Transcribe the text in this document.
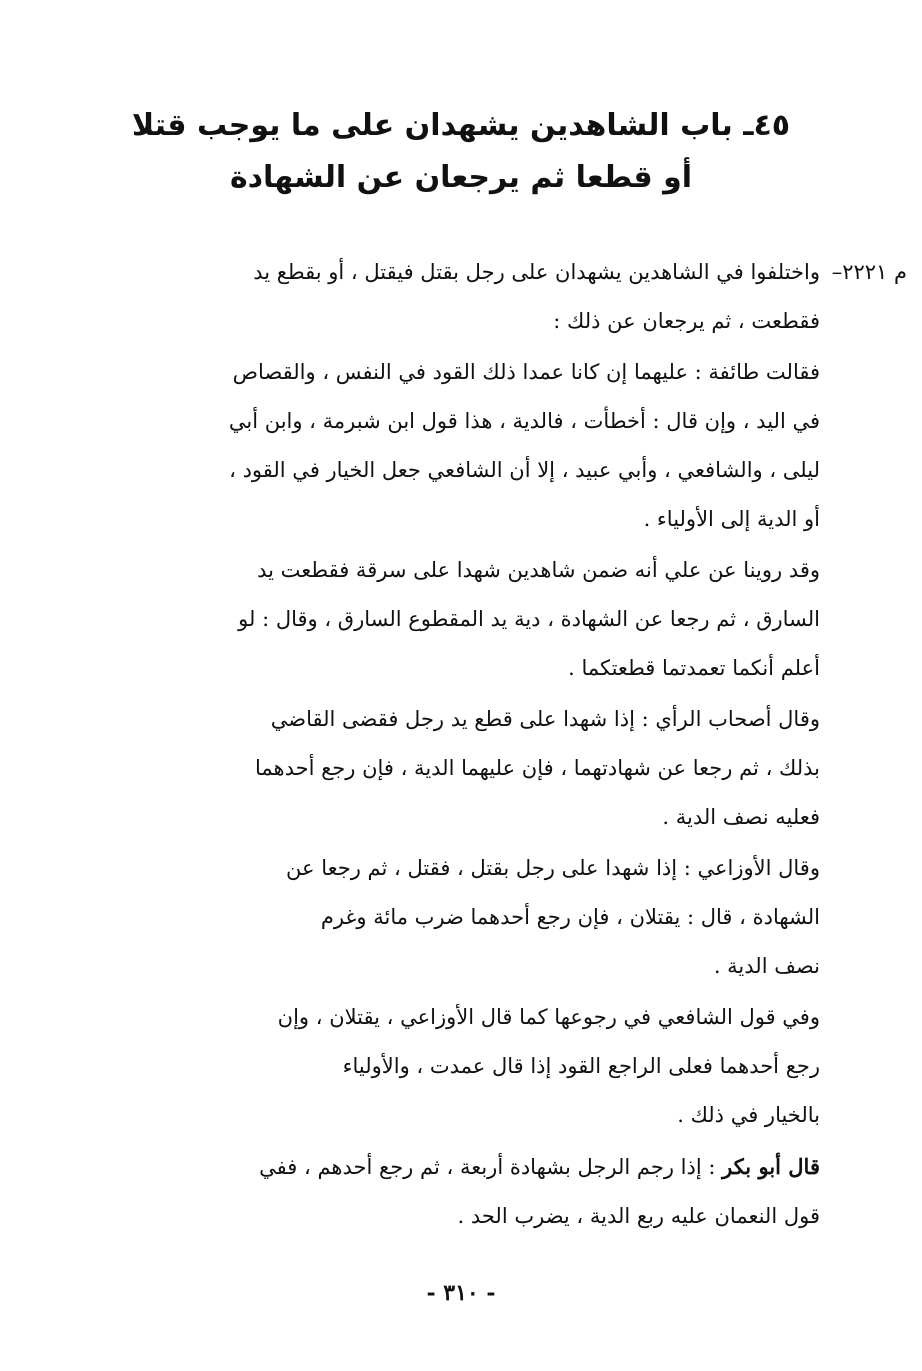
٤٥ـ باب الشاهدين يشهدان على ما يوجب قتلا
أو قطعا ثم يرجعان عن الشهادة
م ٢٢٢١–
واختلفوا في الشاهدين يشهدان على رجل بقتل فيقتل ، أو بقطع يد
فقطعت ، ثم يرجعان عن ذلك :
فقالت طائفة : عليهما إن كانا عمدا ذلك القود في النفس ، والقصاص
في اليد ، وإن قال : أخطأت ، فالدية ، هذا قول ابن شبرمة ، وابن أبي
ليلى ، والشافعي ، وأبي عبيد ، إلا أن الشافعي جعل الخيار في القود ،
أو الدية إلى الأولياء .
وقد روينا عن علي أنه ضمن شاهدين شهدا على سرقة فقطعت يد
السارق ، ثم رجعا عن الشهادة ، دية يد المقطوع السارق ، وقال : لو
أعلم أنكما تعمدتما قطعتكما .
وقال أصحاب الرأي : إذا شهدا على قطع يد رجل فقضى القاضي
بذلك ، ثم رجعا عن شهادتهما ، فإن عليهما الدية ، فإن رجع أحدهما
فعليه نصف الدية .
وقال الأوزاعي : إذا شهدا على رجل بقتل ، فقتل ، ثم رجعا عن
الشهادة ، قال : يقتلان ، فإن رجع أحدهما ضرب مائة وغرم
نصف الدية .
وفي قول الشافعي في رجوعها كما قال الأوزاعي ، يقتلان ، وإن
رجع أحدهما فعلى الراجع القود إذا قال عمدت ، والأولياء
بالخيار في ذلك .
قال أبو بكر : إذا رجم الرجل بشهادة أربعة ، ثم رجع أحدهم ، ففي
قول النعمان عليه ربع الدية ، يضرب الحد .
- ٣١٠ -
